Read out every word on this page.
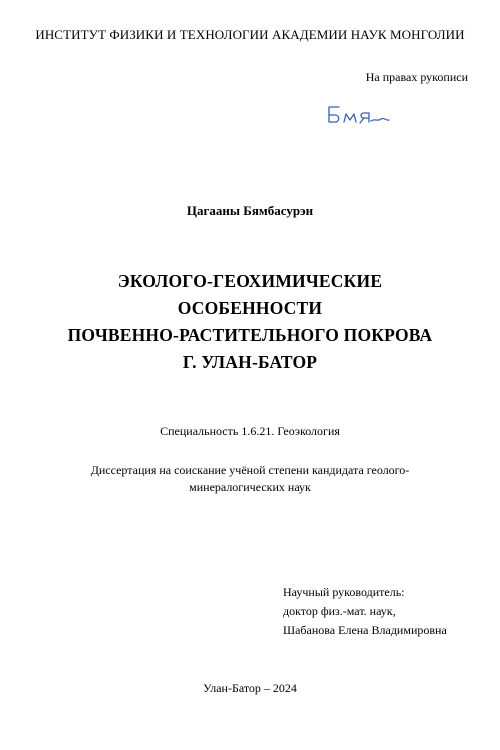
ИНСТИТУТ ФИЗИКИ И ТЕХНОЛОГИИ АКАДЕМИИ НАУК МОНГОЛИИ

На правах рукописи

Цагааны Бямбасурэн

ЭКОЛОГО-ГЕОХИМИЧЕСКИЕ
ОСОБЕННОСТИ
ПОЧВЕННО-РАСТИТЕЛЬНОГО ПОКРОВА
Г. УЛАН-БАТОР

Специальность 1.6.21. Геоэкология

Диссертация на соискание учёной степени кандидата геолого-
минералогических наук
Научный руководитель:
доктор физ.-мат. наук,
Шабанова Елена Владимировна

Улан-Батор – 2024
